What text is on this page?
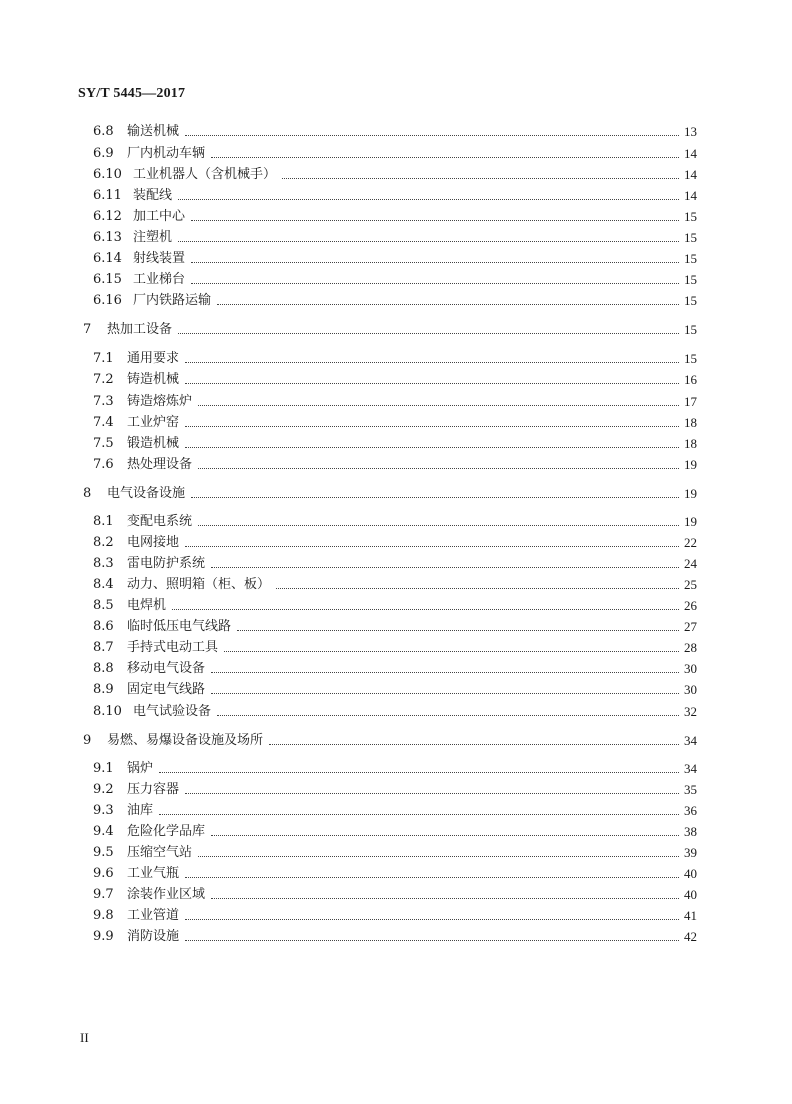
SY/T 5445—2017
6.8	输送机械	13
6.9	厂内机动车辆	14
6.10 工业机器人（含机械手）	14
6.11 装配线	14
6.12 加工中心	15
6.13 注塑机	15
6.14 射线装置	15
6.15 工业梯台	15
6.16 厂内铁路运输	15
7	热加工设备	15
7.1	通用要求	15
7.2	铸造机械	16
7.3	铸造熔炼炉	17
7.4	工业炉窑	18
7.5	锻造机械	18
7.6	热处理设备	19
8	电气设备设施	19
8.1	变配电系统	19
8.2	电网接地	22
8.3	雷电防护系统	24
8.4	动力、照明箱（柜、板）	25
8.5	电焊机	26
8.6	临时低压电气线路	27
8.7	手持式电动工具	28
8.8	移动电气设备	30
8.9	固定电气线路	30
8.10 电气试验设备	32
9	易燃、易爆设备设施及场所	34
9.1	锅炉	34
9.2	压力容器	35
9.3	油库	36
9.4	危险化学品库	38
9.5	压缩空气站	39
9.6	工业气瓶	40
9.7	涂装作业区域	40
9.8	工业管道	41
9.9	消防设施	42
II
